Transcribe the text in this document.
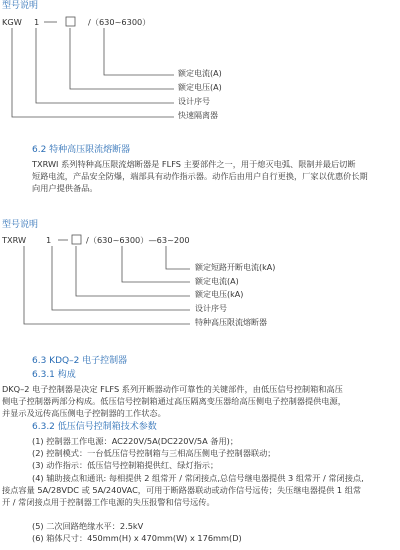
型号说明
KGW 1	/（630~6300）
额定电流(A)
额定电压(A)
设计序号
快速隔离器
6.2 特种高压限流熔断器
TXRWI 系列特种高压限流熔断器是 FLFS 主要部件之一，用于熄灭电弧、限制并最后切断
短路电流，产品安全防爆，端部具有动作指示器。动作后由用户自行更换，厂家以优惠价长期
向用户提供备品。
型号说明
TXRW 1	/（630~6300）—63~200
额定短路开断电流(kA)
额定电流(A)
额定电压(kA)
设计序号
特种高压限流熔断器
6.3 KDQ–2 电子控制器
6.3.1 构成
DKQ–2 电子控制器是决定 FLFS 系列开断器动作可靠性的关键部件，由低压信号控制箱和高压
侧电子控制器两部分构成。低压信号控制箱通过高压隔离变压器给高压侧电子控制器提供电源，
并显示及远传高压侧电子控制器的工作状态。
6.3.2 低压信号控制箱技术参数
(1) 控制器工作电源：AC220V/5A(DC220V/5A 备用)；
(2) 控制模式：一台低压信号控制箱与三相高压侧电子控制器联动；
(3) 动作指示：低压信号控制箱提供红、绿灯指示；
(4) 辅助接点和通讯: 每相提供 2 组常开 / 常闭接点,总信号继电器提供 3 组常开 / 常闭接点,
接点容量 5A/28VDC 或 5A/240VAC，可用于断路器联动或动作信号远传；失压继电器提供 1 组常
开 / 常闭接点用于控制器工作电源的失压报警和信号远传。
(5) 二次回路绝缘水平：2.5kV
(6) 箱体尺寸：450mm(H) x 470mm(W) x 176mm(D)
